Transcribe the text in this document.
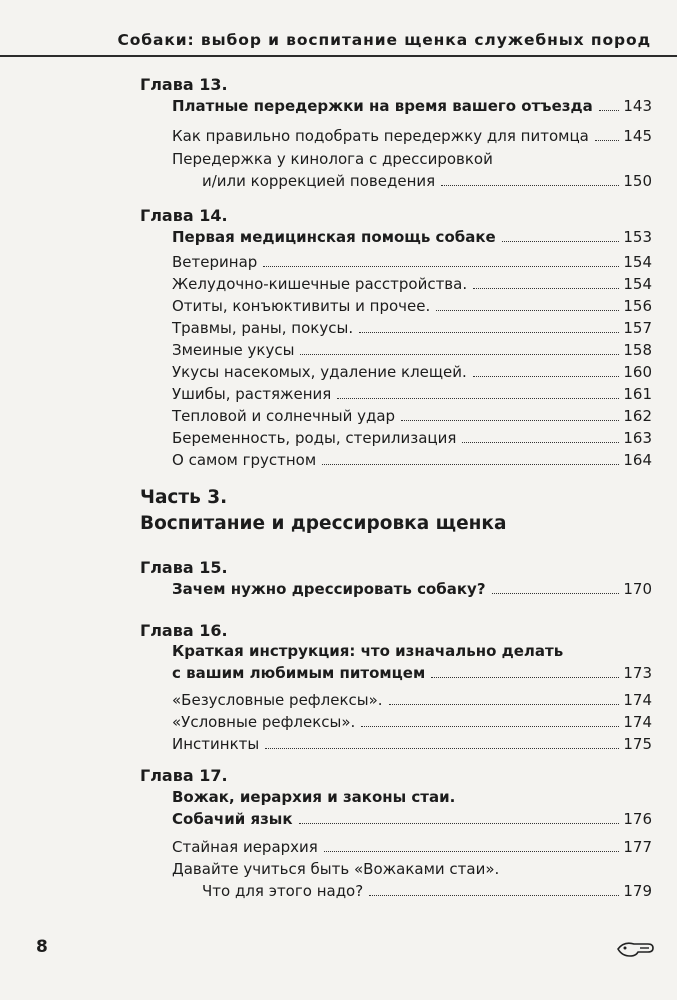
Собаки: выбор и воспитание щенка служебных пород
Глава 13.
Платные передержки на время вашего отъезда 143
Как правильно подобрать передержку для питомца 145
Передержка у кинолога с дрессировкой
и/или коррекцией поведения	150
Глава 14.
Первая медицинская помощь собаке	153
Ветеринар	154
Желудочно-кишечные расстройства.	154
Отиты, конъюктивиты и прочее.	156
Травмы, раны, покусы.	157
Змеиные укусы	158
Укусы насекомых, удаление клещей.	160
Ушибы, растяжения	161
Тепловой и солнечный удар	162
Беременность, роды, стерилизация	163
О самом грустном	164
Часть 3.
Воспитание и дрессировка щенка
Глава 15.
Зачем нужно дрессировать собаку?	170
Глава 16.
Краткая инструкция: что изначально делать
с вашим любимым питомцем	173
«Безусловные рефлексы».	174
«Условные рефлексы».	174
Инстинкты	175
Глава 17.
Вожак, иерархия и законы стаи.
Собачий язык	176
Стайная иерархия	177
Давайте учиться быть «Вожаками стаи».
Что для этого надо?	179
8
